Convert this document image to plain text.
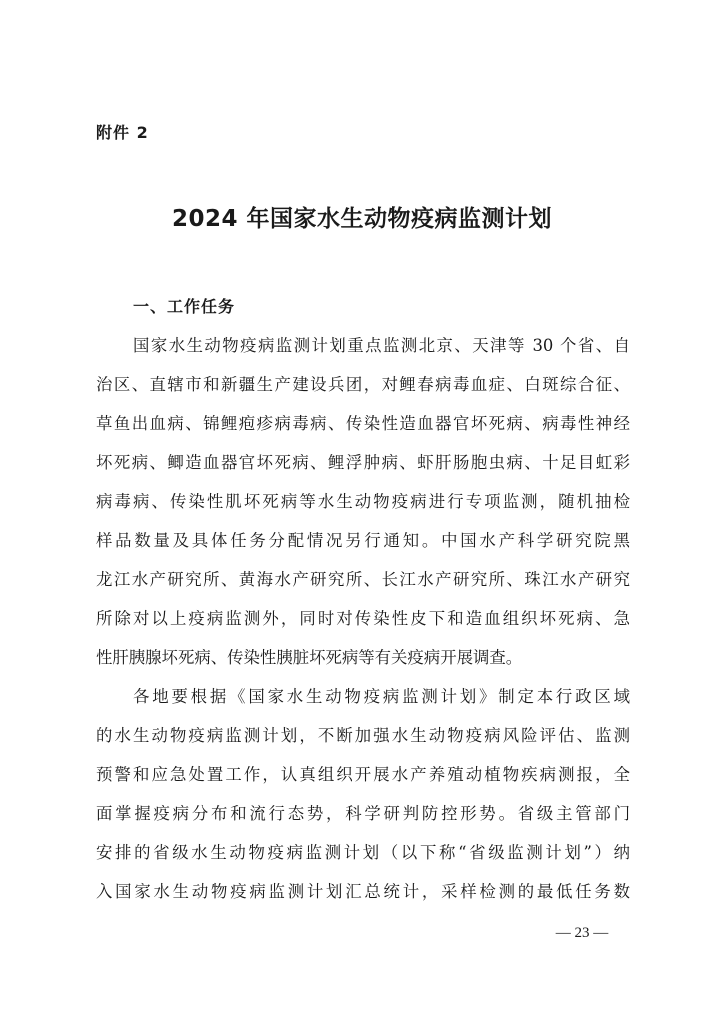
附件 2
2024 年国家水生动物疫病监测计划
一、工作任务
国家水生动物疫病监测计划重点监测北京、天津等 30 个省、自
治区、直辖市和新疆生产建设兵团，对鲤春病毒血症、白斑综合征、
草鱼出血病、锦鲤疱疹病毒病、传染性造血器官坏死病、病毒性神经
坏死病、鲫造血器官坏死病、鲤浮肿病、虾肝肠胞虫病、十足目虹彩
病毒病、传染性肌坏死病等水生动物疫病进行专项监测，随机抽检
样品数量及具体任务分配情况另行通知。中国水产科学研究院黑
龙江水产研究所、黄海水产研究所、长江水产研究所、珠江水产研究
所除对以上疫病监测外，同时对传染性皮下和造血组织坏死病、急
性肝胰腺坏死病、传染性胰脏坏死病等有关疫病开展调查。
各地要根据《国家水生动物疫病监测计划》制定本行政区域
的水生动物疫病监测计划，不断加强水生动物疫病风险评估、监测
预警和应急处置工作，认真组织开展水产养殖动植物疾病测报，全
面掌握疫病分布和流行态势，科学研判防控形势。省级主管部门
安排的省级水生动物疫病监测计划（以下称“省级监测计划”）纳
入国家水生动物疫病监测计划汇总统计，采样检测的最低任务数
— 23 —
